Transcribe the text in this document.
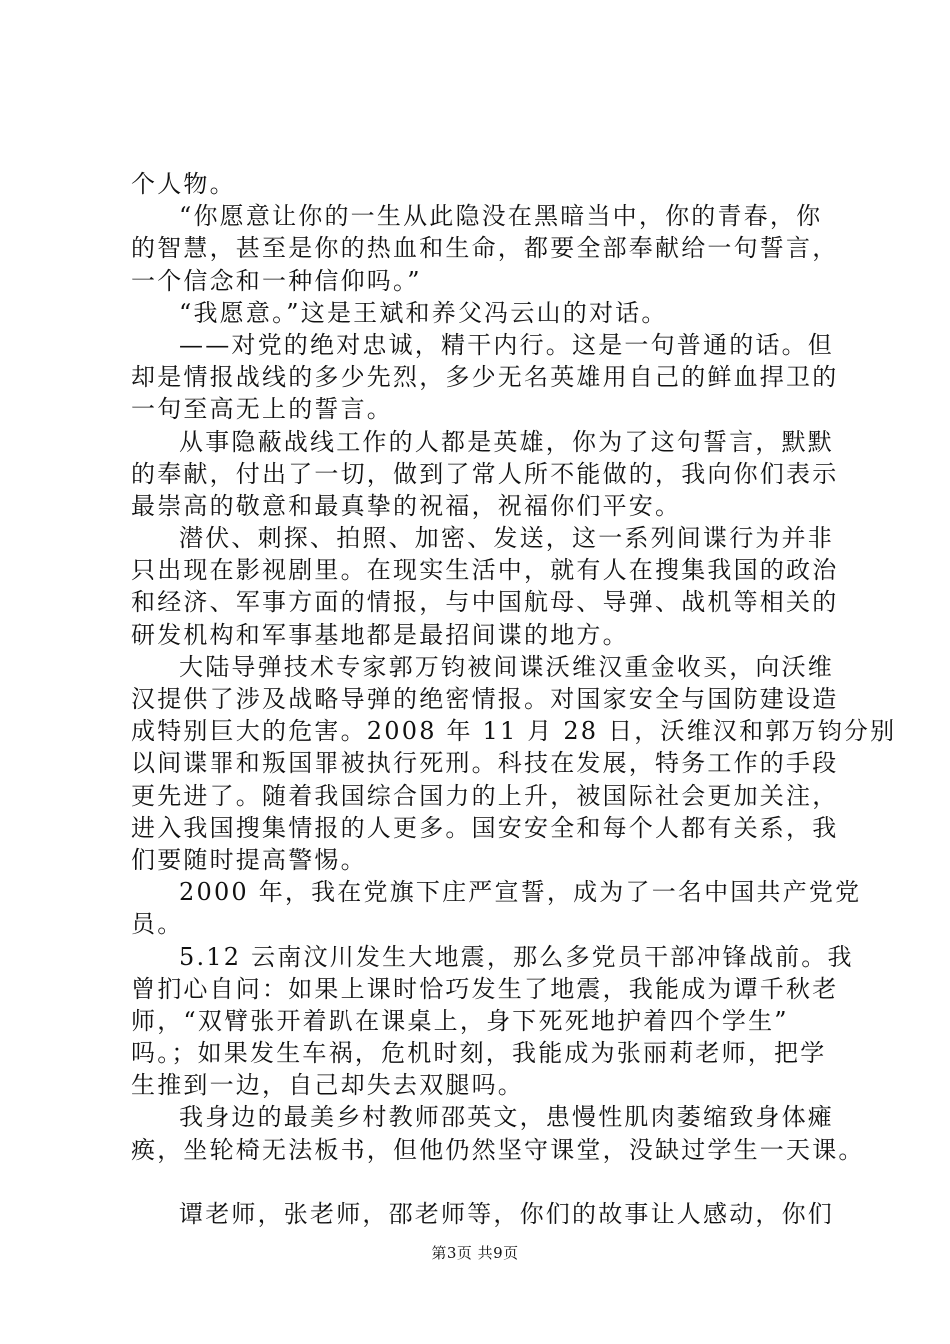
个人物。
“你愿意让你的一生从此隐没在黑暗当中，你的青春，你
的智慧，甚至是你的热血和生命，都要全部奉献给一句誓言，
一个信念和一种信仰吗。”
“我愿意。”这是王斌和养父冯云山的对话。
——对党的绝对忠诚，精干内行。这是一句普通的话。但
却是情报战线的多少先烈，多少无名英雄用自己的鲜血捍卫的
一句至高无上的誓言。
从事隐蔽战线工作的人都是英雄，你为了这句誓言，默默
的奉献，付出了一切，做到了常人所不能做的，我向你们表示
最崇高的敬意和最真挚的祝福，祝福你们平安。
潜伏、刺探、拍照、加密、发送，这一系列间谍行为并非
只出现在影视剧里。在现实生活中，就有人在搜集我国的政治
和经济、军事方面的情报，与中国航母、导弹、战机等相关的
研发机构和军事基地都是最招间谍的地方。
大陆导弹技术专家郭万钧被间谍沃维汉重金收买，向沃维
汉提供了涉及战略导弹的绝密情报。对国家安全与国防建设造
成特别巨大的危害。2008 年 11 月 28 日，沃维汉和郭万钧分别
以间谍罪和叛国罪被执行死刑。科技在发展，特务工作的手段
更先进了。随着我国综合国力的上升，被国际社会更加关注，
进入我国搜集情报的人更多。国安安全和每个人都有关系，我
们要随时提高警惕。
2000 年，我在党旗下庄严宣誓，成为了一名中国共产党党
员。
5.12 云南汶川发生大地震，那么多党员干部冲锋战前。我
曾扪心自问：如果上课时恰巧发生了地震，我能成为谭千秋老
师，“双臂张开着趴在课桌上，身下死死地护着四个学生”
吗。；如果发生车祸，危机时刻，我能成为张丽莉老师，把学
生推到一边，自己却失去双腿吗。
我身边的最美乡村教师邵英文，患慢性肌肉萎缩致身体瘫
痪，坐轮椅无法板书，但他仍然坚守课堂，没缺过学生一天课。
谭老师，张老师，邵老师等，你们的故事让人感动，你们
第3页 共9页
